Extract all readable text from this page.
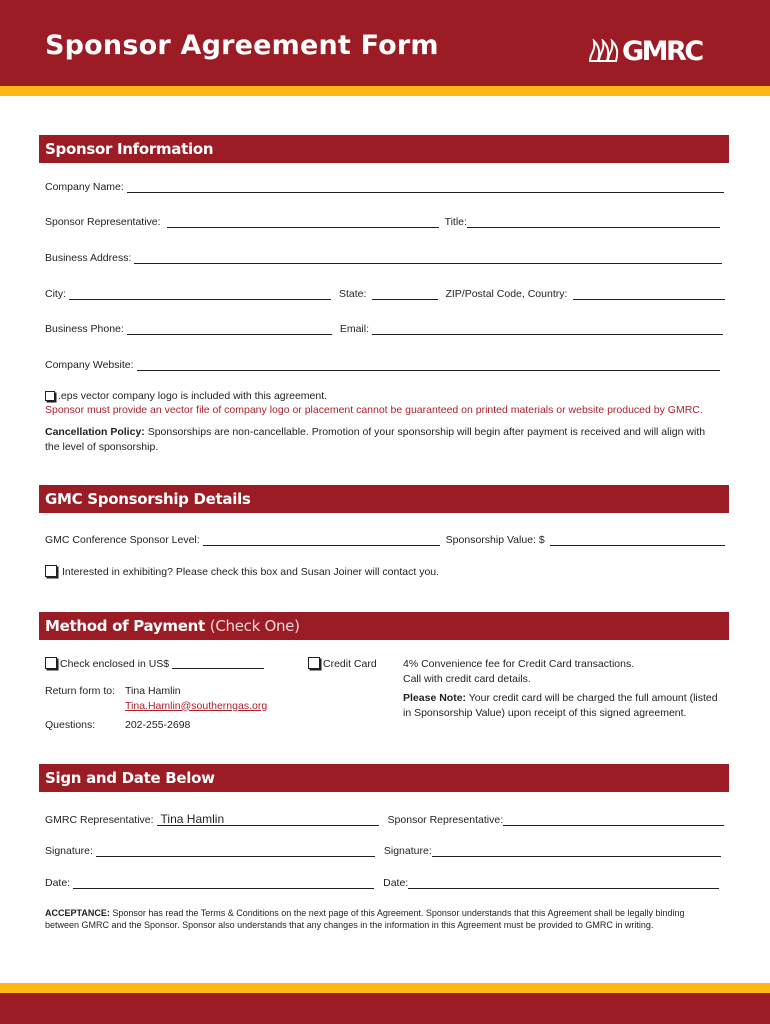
Sponsor Agreement Form	GMRC
Sponsor Information
Company Name:
Sponsor Representative:	Title:
Business Address:
City:	State:	ZIP/Postal Code, Country:
Business Phone:	Email:
Company Website:
.eps vector company logo is included with this agreement.
Sponsor must provide an vector file of company logo or placement cannot be guaranteed on printed materials or website produced by GMRC.
Cancellation Policy: Sponsorships are non-cancellable. Promotion of your sponsorship will begin after payment is received and will align with
the level of sponsorship.
GMC Sponsorship Details
GMC Conference Sponsor Level:	Sponsorship Value: $
Interested in exhibiting? Please check this box and Susan Joiner will contact you.
Method of Payment (Check One)
Check enclosed in US$	Credit Card	4% Convenience fee for Credit Card transactions.
Call with credit card details.
Please Note: Your credit card will be charged the full amount (listed
in Sponsorship Value) upon receipt of this signed agreement.
Return form to: Tina Hamlin
Tina.Hamlin@southerngas.org
Questions:	202-255-2698
Sign and Date Below
GMRC Representative: Tina Hamlin	Sponsor Representative:
Signature:	Signature:
Date:	Date:
ACCEPTANCE: Sponsor has read the Terms & Conditions on the next page of this Agreement. Sponsor understands that this Agreement shall be legally binding
between GMRC and the Sponsor. Sponsor also understands that any changes in the information in this Agreement must be provided to GMRC in writing.
